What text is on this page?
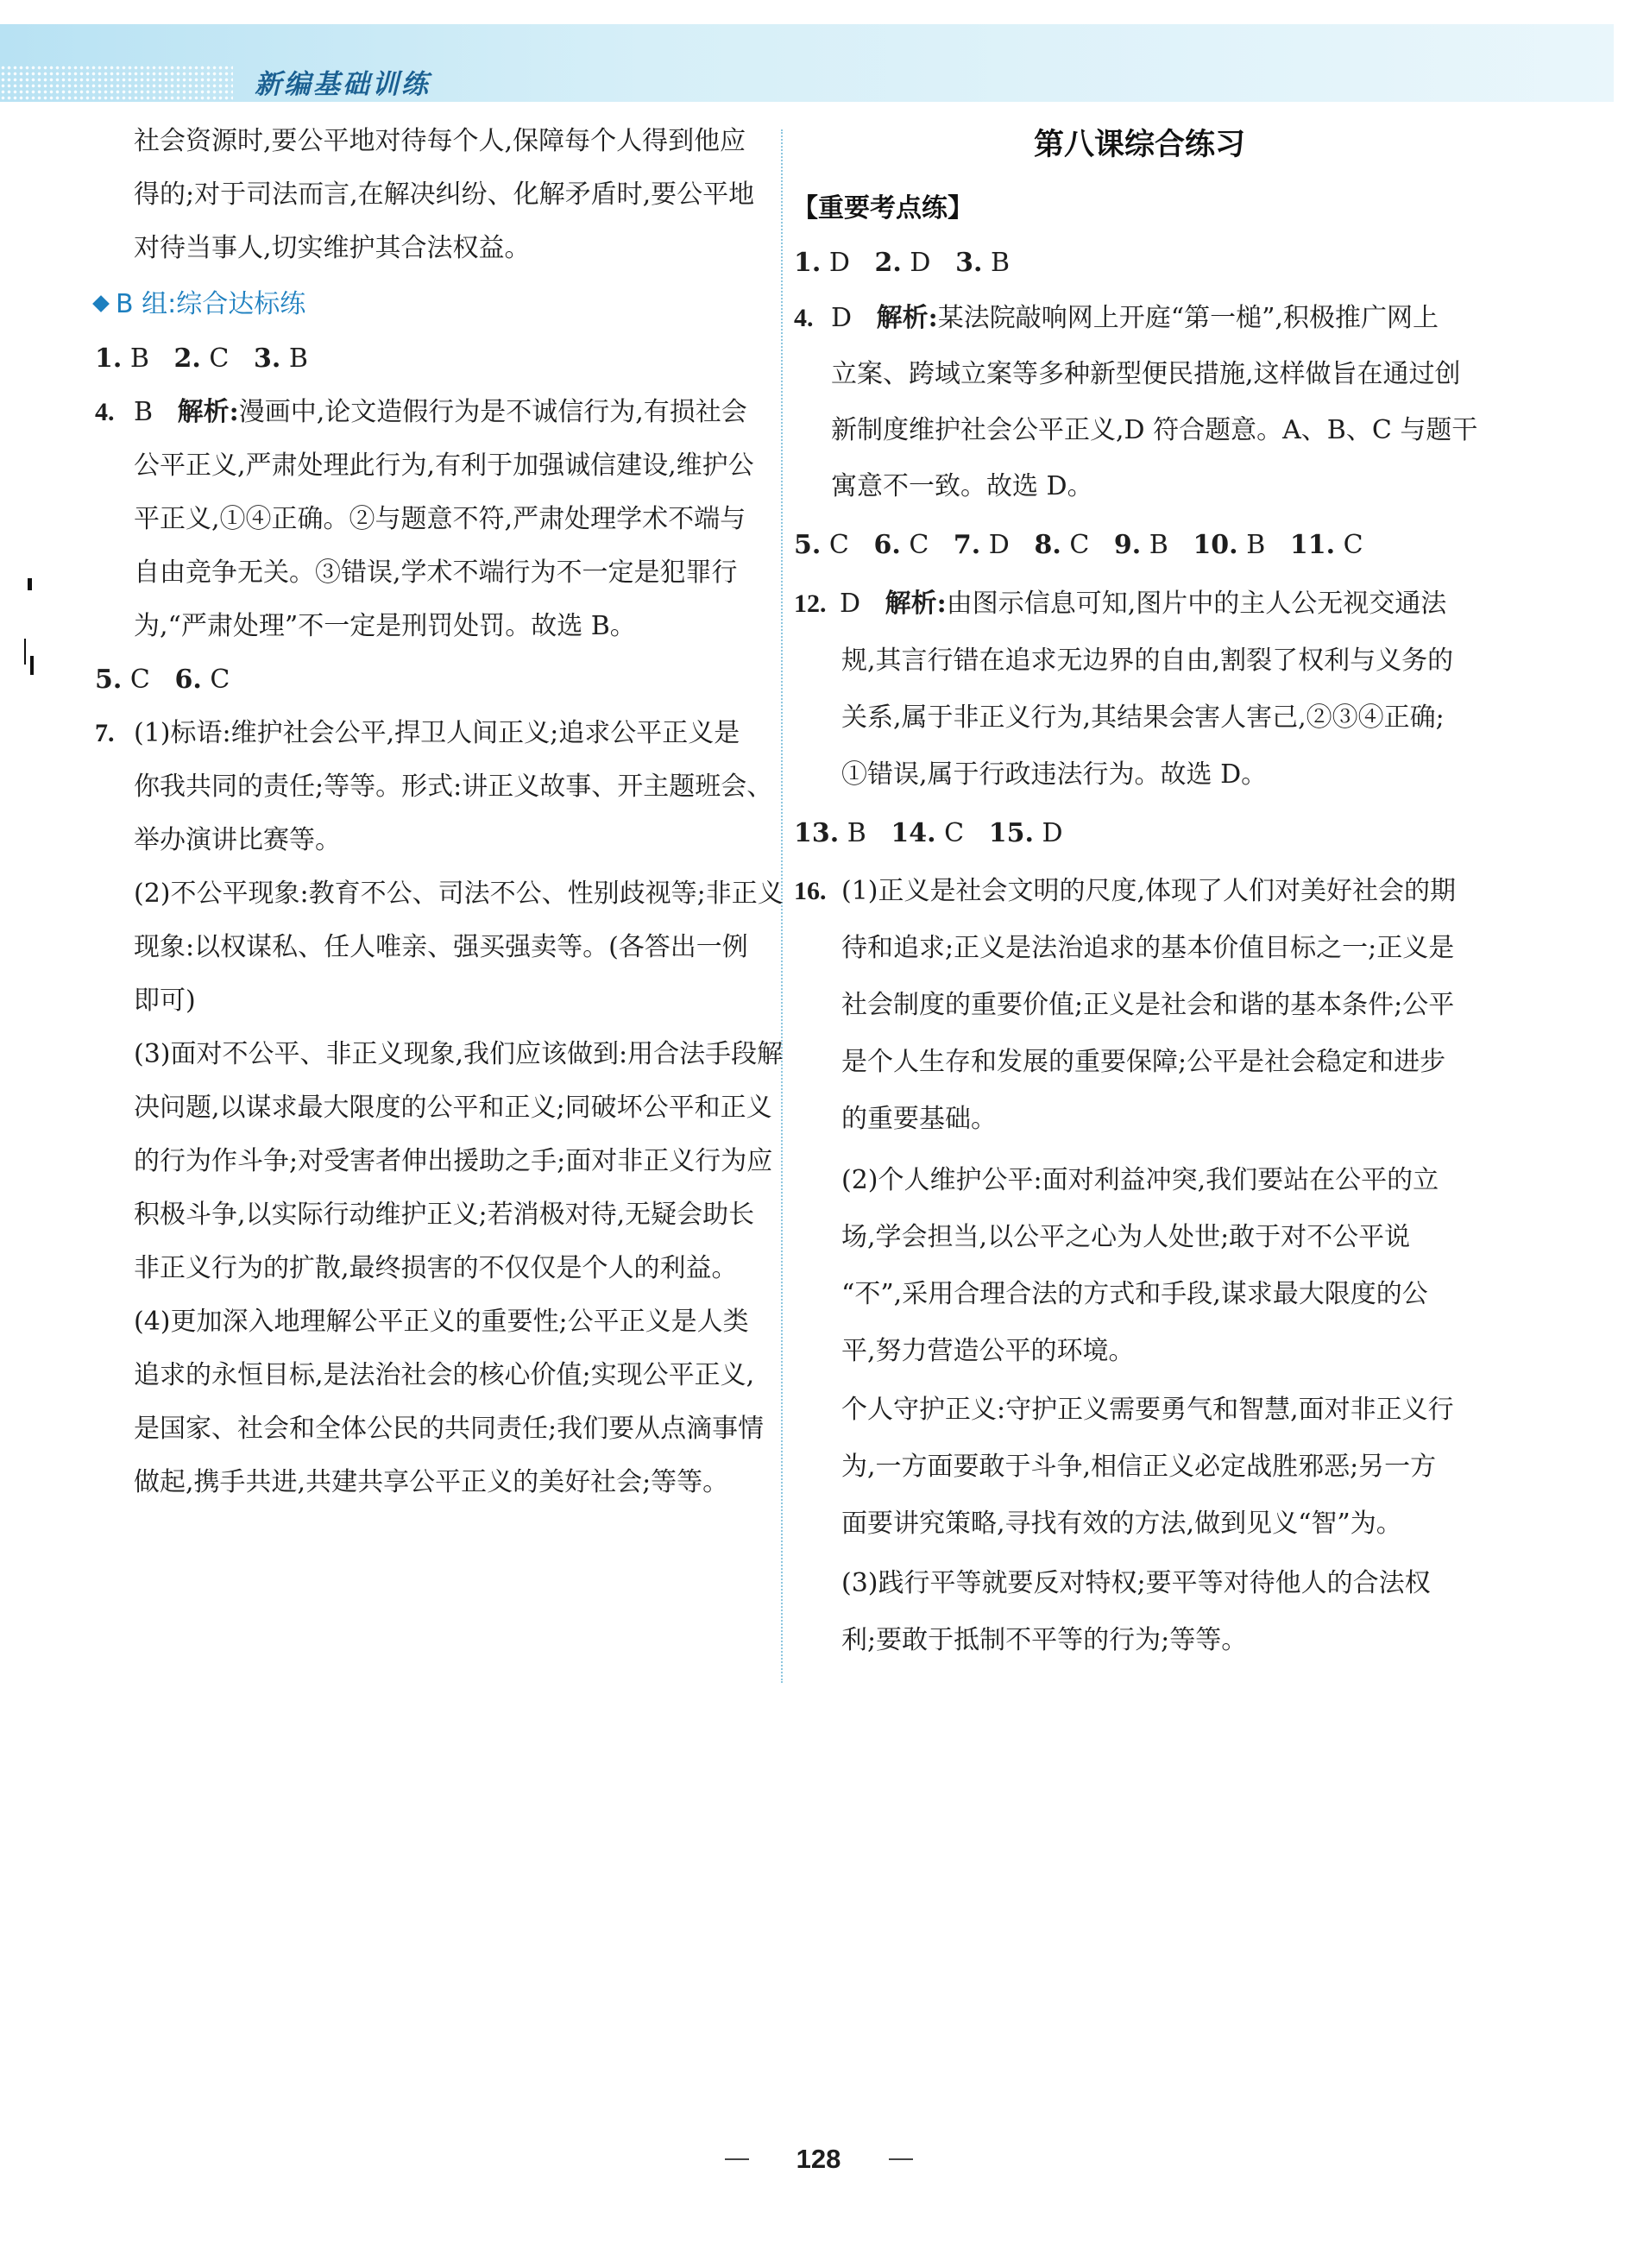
新编基础训练
社会资源时,要公平地对待每个人,保障每个人得到他应
得的;对于司法而言,在解决纠纷、化解矛盾时,要公平地
对待当事人,切实维护其合法权益。
B 组:综合达标练
1. B 2. C 3. B
4. B 解析:漫画中,论文造假行为是不诚信行为,有损社会
公平正义,严肃处理此行为,有利于加强诚信建设,维护公
平正义,①④正确。②与题意不符,严肃处理学术不端与
自由竞争无关。③错误,学术不端行为不一定是犯罪行
为,“严肃处理”不一定是刑罚处罚。故选 B。
5. C 6. C
7. (1)标语:维护社会公平,捍卫人间正义;追求公平正义是
你我共同的责任;等等。形式:讲正义故事、开主题班会、
举办演讲比赛等。
(2)不公平现象:教育不公、司法不公、性别歧视等;非正义
现象:以权谋私、任人唯亲、强买强卖等。(各答出一例
即可)
(3)面对不公平、非正义现象,我们应该做到:用合法手段解
决问题,以谋求最大限度的公平和正义;同破坏公平和正义
的行为作斗争;对受害者伸出援助之手;面对非正义行为应
积极斗争,以实际行动维护正义;若消极对待,无疑会助长
非正义行为的扩散,最终损害的不仅仅是个人的利益。
(4)更加深入地理解公平正义的重要性;公平正义是人类
追求的永恒目标,是法治社会的核心价值;实现公平正义,
是国家、社会和全体公民的共同责任;我们要从点滴事情
做起,携手共进,共建共享公平正义的美好社会;等等。
第八课综合练习
【重要考点练】
1. D 2. D 3. B
4. D 解析:某法院敲响网上开庭“第一槌”,积极推广网上
立案、跨域立案等多种新型便民措施,这样做旨在通过创
新制度维护社会公平正义,D 符合题意。A、B、C 与题干
寓意不一致。故选 D。
5. C 6. C 7. D 8. C 9. B 10. B 11. C
12. D 解析:由图示信息可知,图片中的主人公无视交通法
规,其言行错在追求无边界的自由,割裂了权利与义务的
关系,属于非正义行为,其结果会害人害己,②③④正确;
①错误,属于行政违法行为。故选 D。
13. B 14. C 15. D
16. (1)正义是社会文明的尺度,体现了人们对美好社会的期
待和追求;正义是法治追求的基本价值目标之一;正义是
社会制度的重要价值;正义是社会和谐的基本条件;公平
是个人生存和发展的重要保障;公平是社会稳定和进步
的重要基础。
(2)个人维护公平:面对利益冲突,我们要站在公平的立
场,学会担当,以公平之心为人处世;敢于对不公平说
“不”,采用合理合法的方式和手段,谋求最大限度的公
平,努力营造公平的环境。
个人守护正义:守护正义需要勇气和智慧,面对非正义行
为,一方面要敢于斗争,相信正义必定战胜邪恶;另一方
面要讲究策略,寻找有效的方法,做到见义“智”为。
(3)践行平等就要反对特权;要平等对待他人的合法权
利;要敢于抵制不平等的行为;等等。
128
